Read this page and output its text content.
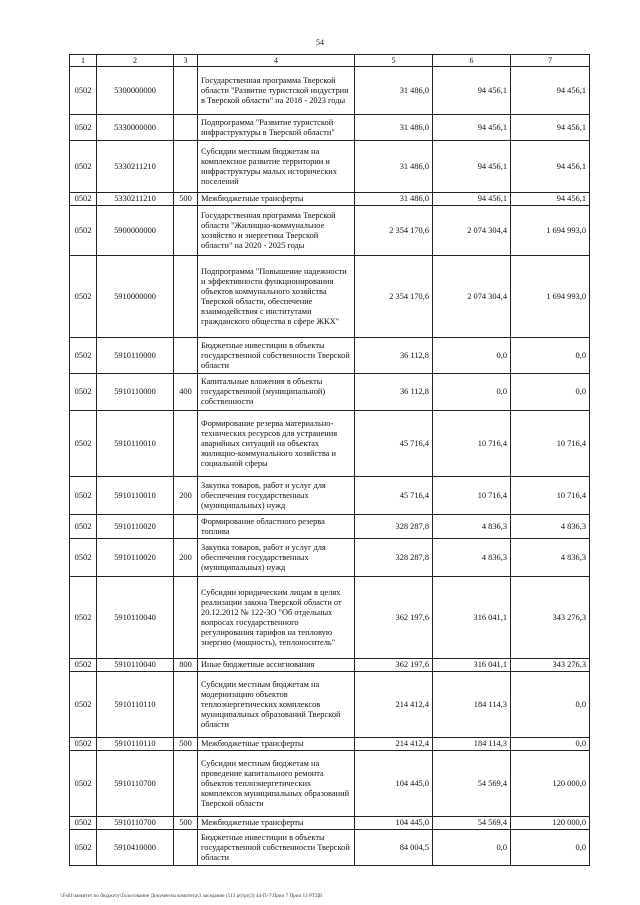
54
1	2	3	4	5	6	7
0502	5300000000		Государственная программа Тверской области "Развитие туристской индустрии в Тверской области" на 2018 - 2023 годы	31 486,0	94 456,1	94 456,1
0502	5330000000		Подпрограмма "Развитие туристской инфраструктуры в Тверской области"	31 486,0	94 456,1	94 456,1
0502	5330211210		Субсидии местным бюджетам на комплексное развитие территории и инфраструктуры малых исторических поселений	31 486,0	94 456,1	94 456,1
0502	5330211210	500	Межбюджетные трансферты	31 486,0	94 456,1	94 456,1
0502	5900000000		Государственная программа Тверской области "Жилищно-коммунальное хозяйство и энергетика Тверской области" на 2020 - 2025 годы	2 354 170,6	2 074 304,4	1 694 993,0
0502	5910000000		Подпрограмма "Повышение надежности и эффективности функционирования объектов коммунального хозяйства Тверской области, обеспечение взаимодействия с институтами гражданского общества в сфере ЖКХ"	2 354 170,6	2 074 304,4	1 694 993,0
0502	5910110000		Бюджетные инвестиции в объекты государственной собственности Тверской области	36 112,8	0,0	0,0
0502	5910110000	400	Капитальные вложения в объекты государственной (муниципальной) собственности	36 112,8	0,0	0,0
0502	5910110010		Формирование резерва материально-технических ресурсов для устранения аварийных ситуаций на объектах жилищно-коммунального хозяйства и социальной сферы	45 716,4	10 716,4	10 716,4
0502	5910110010	200	Закупка товаров, работ и услуг для обеспечения государственных (муниципальных) нужд	45 716,4	10 716,4	10 716,4
0502	5910110020		Формирование областного резерва топлива	328 287,8	4 836,3	4 836,3
0502	5910110020	200	Закупка товаров, работ и услуг для обеспечения государственных (муниципальных) нужд	328 287,8	4 836,3	4 836,3
0502	5910110040		Субсидии юридическим лицам в целях реализации закона Тверской области от 20.12.2012 № 122-ЗО "Об отдельных вопросах государственного регулирования тарифов на тепловую энергию (мощность), теплоноситель"	362 197,6	316 041,1	343 276,3
0502	5910110040	800	Иные бюджетные ассигнования	362 197,6	316 041,1	343 276,3
0502	5910110110		Субсидии местным бюджетам на модернизацию объектов теплоэнергетических комплексов муниципальных образований Тверской области	214 412,4	184 114,3	0,0
0502	5910110110	500	Межбюджетные трансферты	214 412,4	184 114,3	0,0
0502	5910110700		Субсидии местным бюджетам на проведение капитального ремонта объектов теплоэнергетических комплексов муниципальных образований Тверской области	104 445,0	54 569,4	120 000,0
0502	5910110700	500	Межбюджетные трансферты	104 445,0	54 569,4	120 000,0
0502	5910410000		Бюджетные инвестиции в объекты государственной собственности Тверской области	84 004,5	0,0	0,0
\\Fs01\комитет по бюджету\Голосование Документы комитета\3 заседание (513 pt)\pr(3) 44-П-7\Прил 7 Прил 13 РТЦВ
